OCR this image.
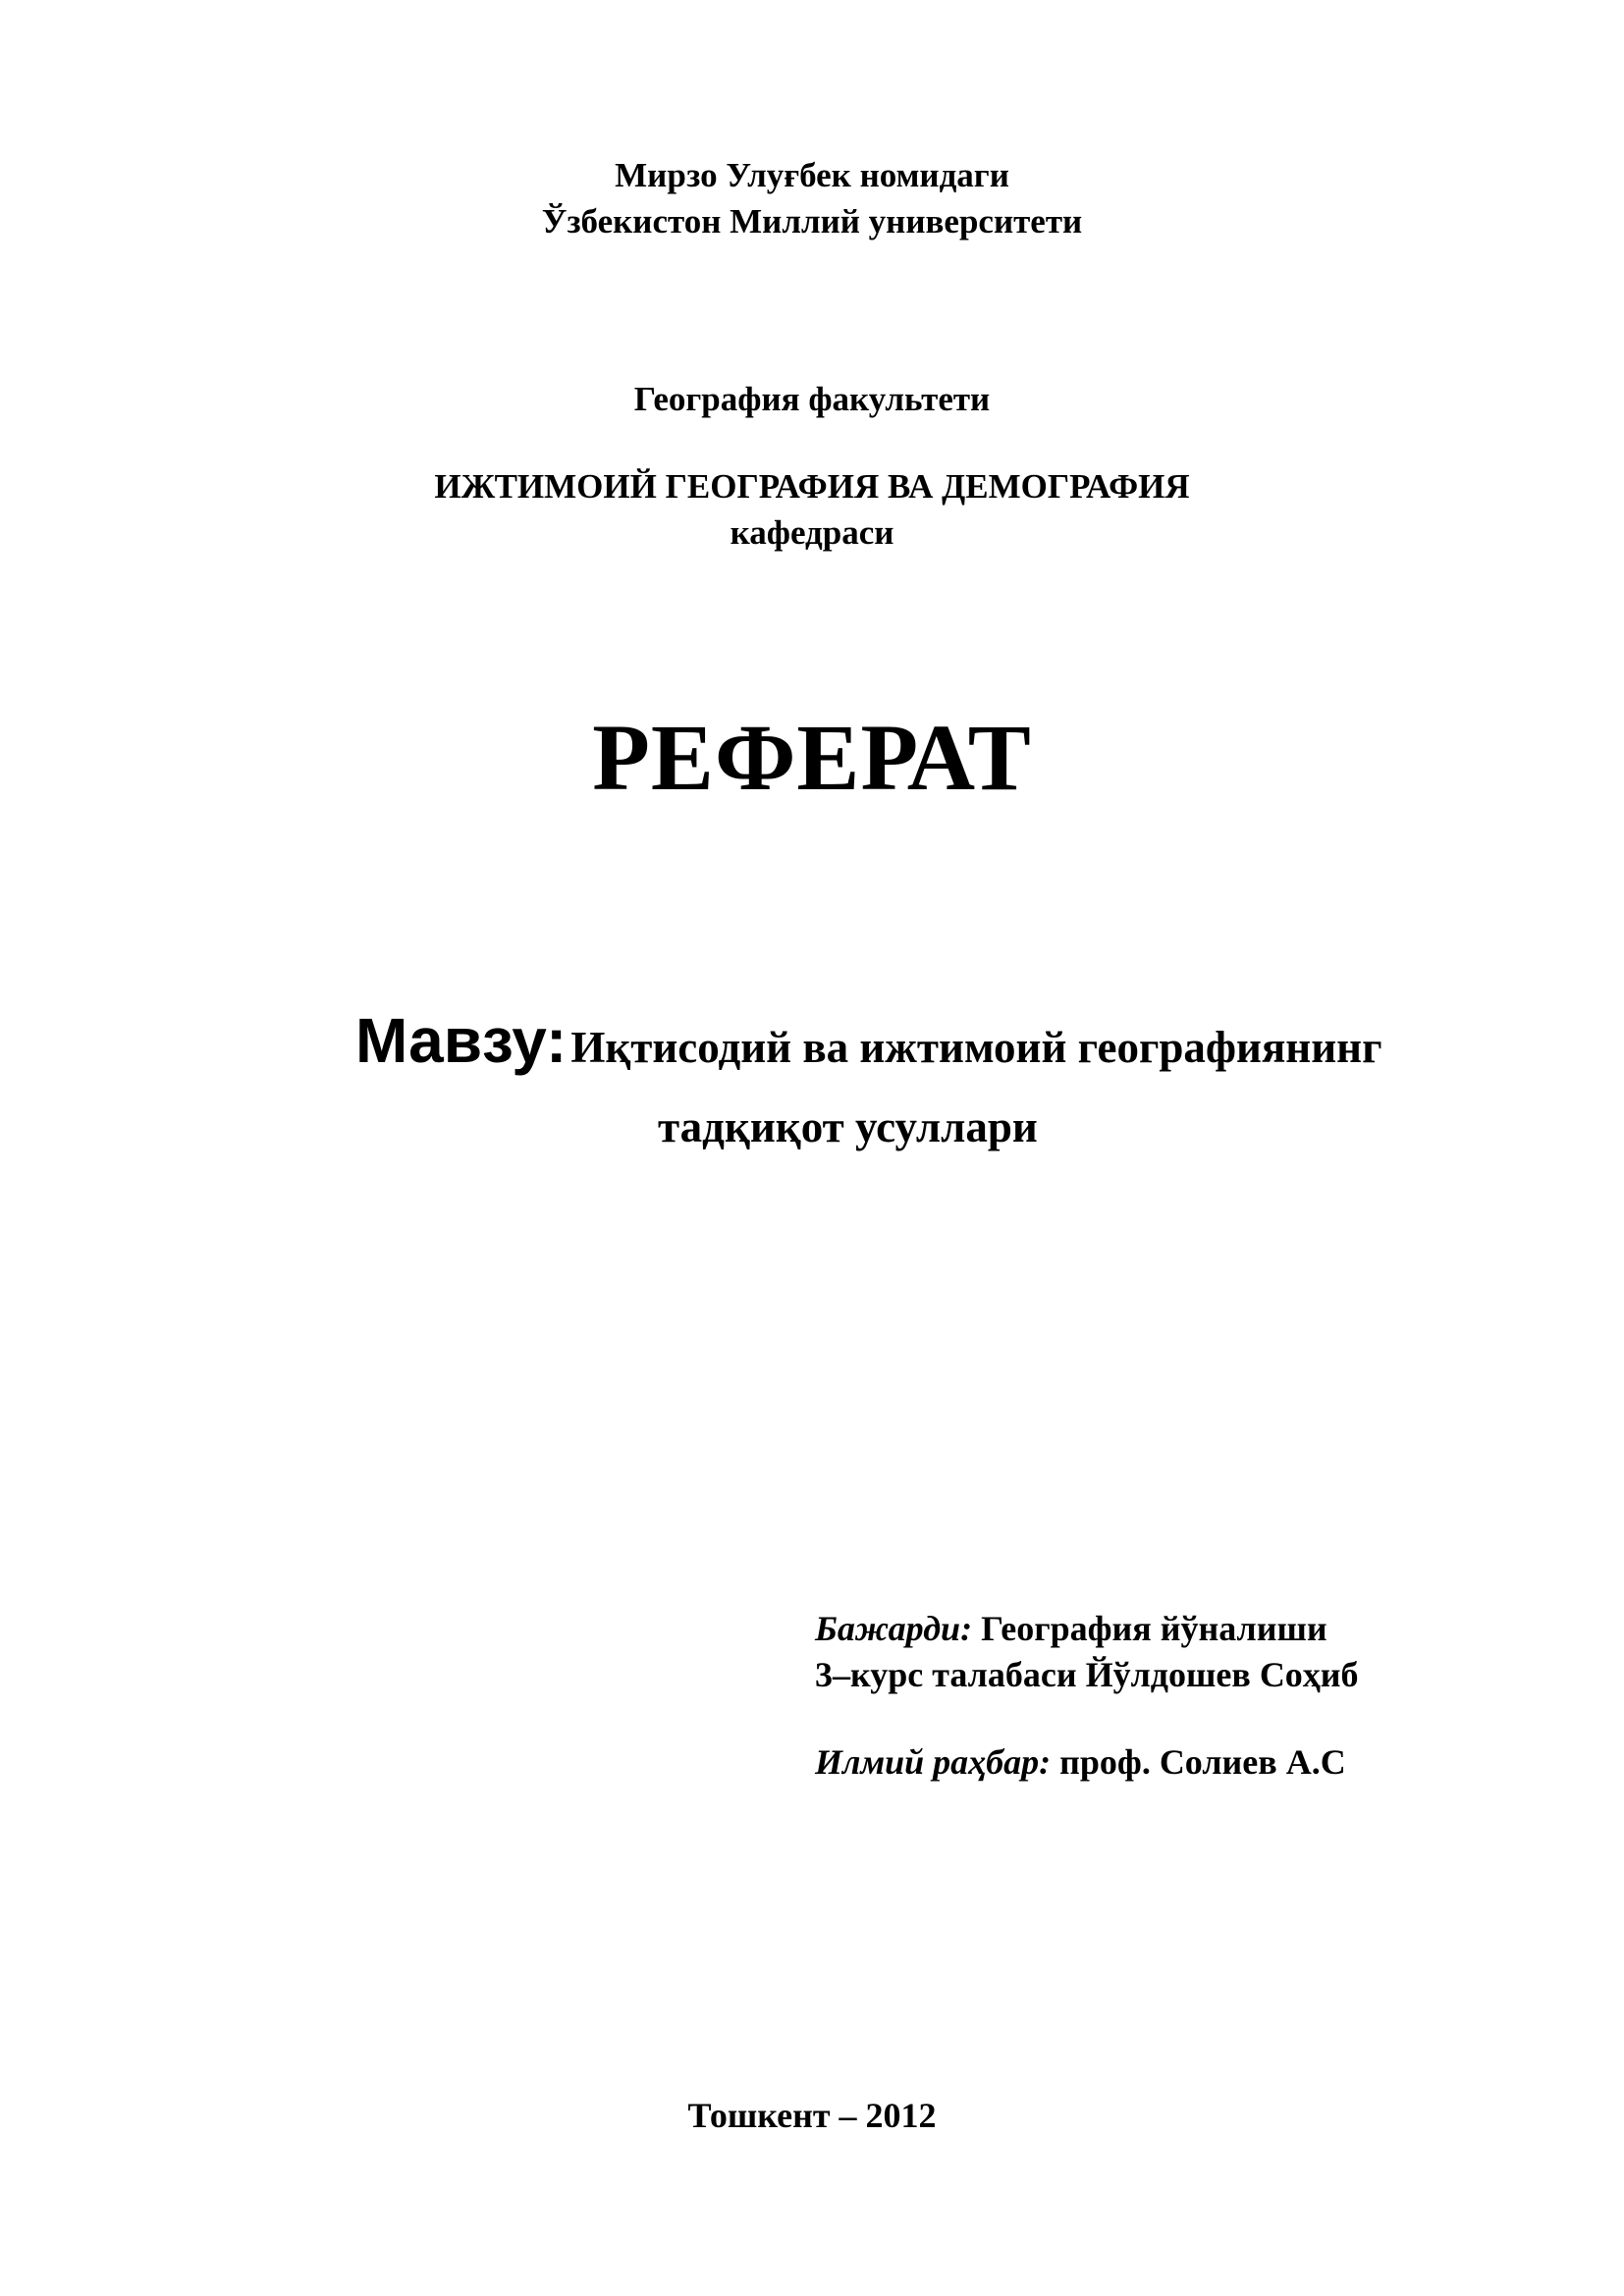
Мирзо Улуғбек номидаги
Ўзбекистон Миллий университети
География факультети
ИЖТИМОИЙ ГЕОГРАФИЯ ВА ДЕМОГРАФИЯ
кафедраси
РЕФЕРАТ
Мавзу: Иқтисодий ва ижтимоий географиянинг
тадқиқот усуллари
Бажарди: География йўналиши
3–курс талабаси Йўлдошев Соҳиб
Илмий раҳбар: проф. Солиев А.С
Тошкент – 2012
